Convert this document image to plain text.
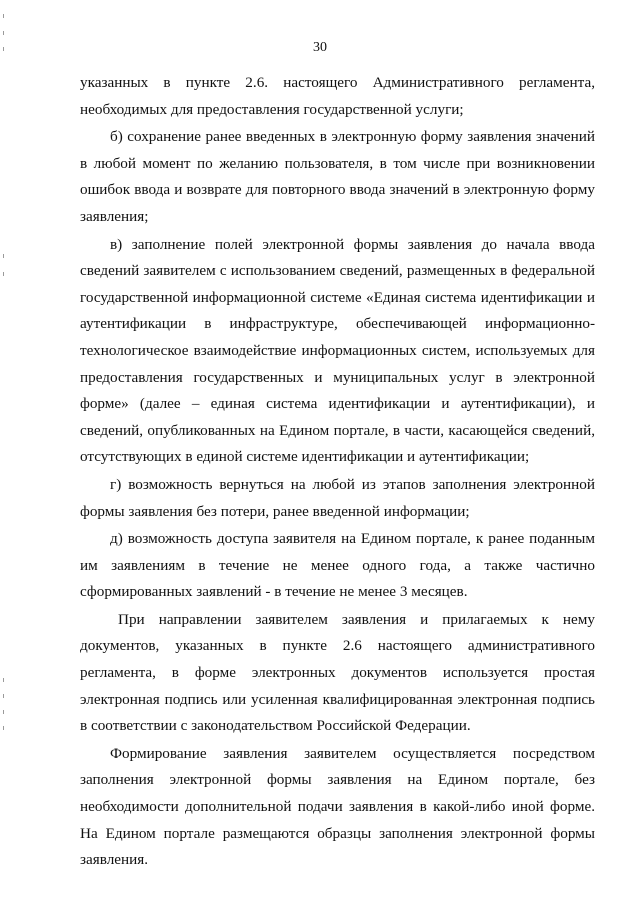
30

указанных в пункте 2.6. настоящего Административного регламента, необходимых для предоставления государственной услуги;

б) сохранение ранее введенных в электронную форму заявления значений в любой момент по желанию пользователя, в том числе при возникновении ошибок ввода и возврате для повторного ввода значений в электронную форму заявления;

в) заполнение полей электронной формы заявления до начала ввода сведений заявителем с использованием сведений, размещенных в федеральной государственной информационной системе «Единая система идентификации и аутентификации в инфраструктуре, обеспечивающей информационно-технологическое взаимодействие информационных систем, используемых для предоставления государственных и муниципальных услуг в электронной форме» (далее – единая система идентификации и аутентификации), и сведений, опубликованных на Едином портале, в части, касающейся сведений, отсутствующих в единой системе идентификации и аутентификации;

г) возможность вернуться на любой из этапов заполнения электронной формы заявления без потери, ранее введенной информации;

д) возможность доступа заявителя на Едином портале, к ранее поданным им заявлениям в течение не менее одного года, а также частично сформированных заявлений - в течение не менее 3 месяцев.

При направлении заявителем заявления и прилагаемых к нему документов, указанных в пункте 2.6 настоящего административного регламента, в форме электронных документов используется простая электронная подпись или усиленная квалифицированная электронная подпись в соответствии с законодательством Российской Федерации.

Формирование заявления заявителем осуществляется посредством заполнения электронной формы заявления на Едином портале, без необходимости дополнительной подачи заявления в какой-либо иной форме. На Едином портале размещаются образцы заполнения электронной формы заявления.
